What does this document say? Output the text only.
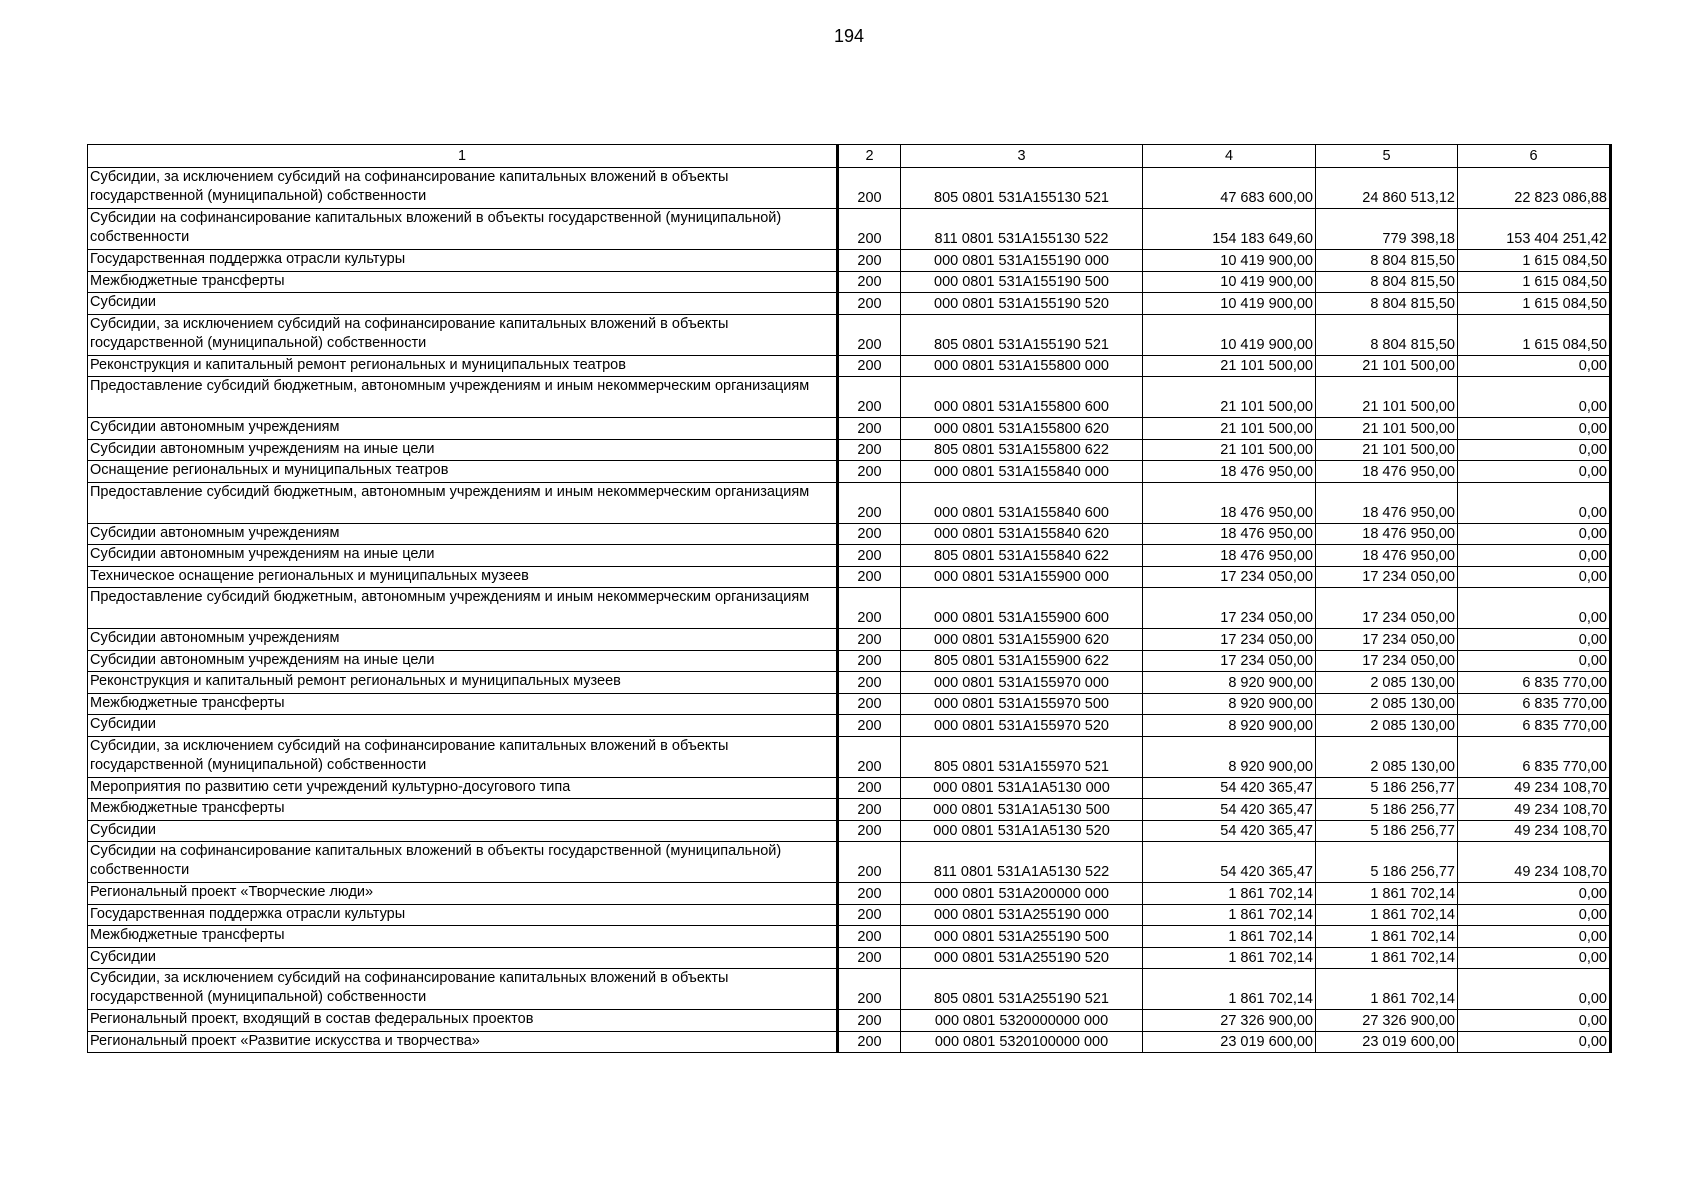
194
1	2	3	4	5	6
Субсидии, за исключением субсидий на софинансирование капитальных вложений в объекты государственной (муниципальной) собственности	200	805 0801 531A155130 521	47 683 600,00	24 860 513,12	22 823 086,88
Субсидии на софинансирование капитальных вложений в объекты государственной (муниципальной) собственности	200	811 0801 531A155130 522	154 183 649,60	779 398,18	153 404 251,42
Государственная поддержка отрасли культуры	200	000 0801 531A155190 000	10 419 900,00	8 804 815,50	1 615 084,50
Межбюджетные трансферты	200	000 0801 531A155190 500	10 419 900,00	8 804 815,50	1 615 084,50
Субсидии	200	000 0801 531A155190 520	10 419 900,00	8 804 815,50	1 615 084,50
Субсидии, за исключением субсидий на софинансирование капитальных вложений в объекты государственной (муниципальной) собственности	200	805 0801 531A155190 521	10 419 900,00	8 804 815,50	1 615 084,50
Реконструкция и капитальный ремонт региональных и муниципальных театров	200	000 0801 531A155800 000	21 101 500,00	21 101 500,00	0,00
Предоставление субсидий бюджетным, автономным учреждениям и иным некоммерческим организациям	200	000 0801 531A155800 600	21 101 500,00	21 101 500,00	0,00
Субсидии автономным учреждениям	200	000 0801 531A155800 620	21 101 500,00	21 101 500,00	0,00
Субсидии автономным учреждениям на иные цели	200	805 0801 531A155800 622	21 101 500,00	21 101 500,00	0,00
Оснащение региональных и муниципальных театров	200	000 0801 531A155840 000	18 476 950,00	18 476 950,00	0,00
Предоставление субсидий бюджетным, автономным учреждениям и иным некоммерческим организациям	200	000 0801 531A155840 600	18 476 950,00	18 476 950,00	0,00
Субсидии автономным учреждениям	200	000 0801 531A155840 620	18 476 950,00	18 476 950,00	0,00
Субсидии автономным учреждениям на иные цели	200	805 0801 531A155840 622	18 476 950,00	18 476 950,00	0,00
Техническое оснащение региональных и муниципальных музеев	200	000 0801 531A155900 000	17 234 050,00	17 234 050,00	0,00
Предоставление субсидий бюджетным, автономным учреждениям и иным некоммерческим организациям	200	000 0801 531A155900 600	17 234 050,00	17 234 050,00	0,00
Субсидии автономным учреждениям	200	000 0801 531A155900 620	17 234 050,00	17 234 050,00	0,00
Субсидии автономным учреждениям на иные цели	200	805 0801 531A155900 622	17 234 050,00	17 234 050,00	0,00
Реконструкция и капитальный ремонт региональных и муниципальных музеев	200	000 0801 531A155970 000	8 920 900,00	2 085 130,00	6 835 770,00
Межбюджетные трансферты	200	000 0801 531A155970 500	8 920 900,00	2 085 130,00	6 835 770,00
Субсидии	200	000 0801 531A155970 520	8 920 900,00	2 085 130,00	6 835 770,00
Субсидии, за исключением субсидий на софинансирование капитальных вложений в объекты государственной (муниципальной) собственности	200	805 0801 531A155970 521	8 920 900,00	2 085 130,00	6 835 770,00
Мероприятия по развитию сети учреждений культурно-досугового типа	200	000 0801 531A1A5130 000	54 420 365,47	5 186 256,77	49 234 108,70
Межбюджетные трансферты	200	000 0801 531A1A5130 500	54 420 365,47	5 186 256,77	49 234 108,70
Субсидии	200	000 0801 531A1A5130 520	54 420 365,47	5 186 256,77	49 234 108,70
Субсидии на софинансирование капитальных вложений в объекты государственной (муниципальной) собственности	200	811 0801 531A1A5130 522	54 420 365,47	5 186 256,77	49 234 108,70
Региональный проект «Творческие люди»	200	000 0801 531A200000 000	1 861 702,14	1 861 702,14	0,00
Государственная поддержка отрасли культуры	200	000 0801 531A255190 000	1 861 702,14	1 861 702,14	0,00
Межбюджетные трансферты	200	000 0801 531A255190 500	1 861 702,14	1 861 702,14	0,00
Субсидии	200	000 0801 531A255190 520	1 861 702,14	1 861 702,14	0,00
Субсидии, за исключением субсидий на софинансирование капитальных вложений в объекты государственной (муниципальной) собственности	200	805 0801 531A255190 521	1 861 702,14	1 861 702,14	0,00
Региональный проект, входящий в состав федеральных проектов	200	000 0801 5320000000 000	27 326 900,00	27 326 900,00	0,00
Региональный проект «Развитие искусства и творчества»	200	000 0801 5320100000 000	23 019 600,00	23 019 600,00	0,00
